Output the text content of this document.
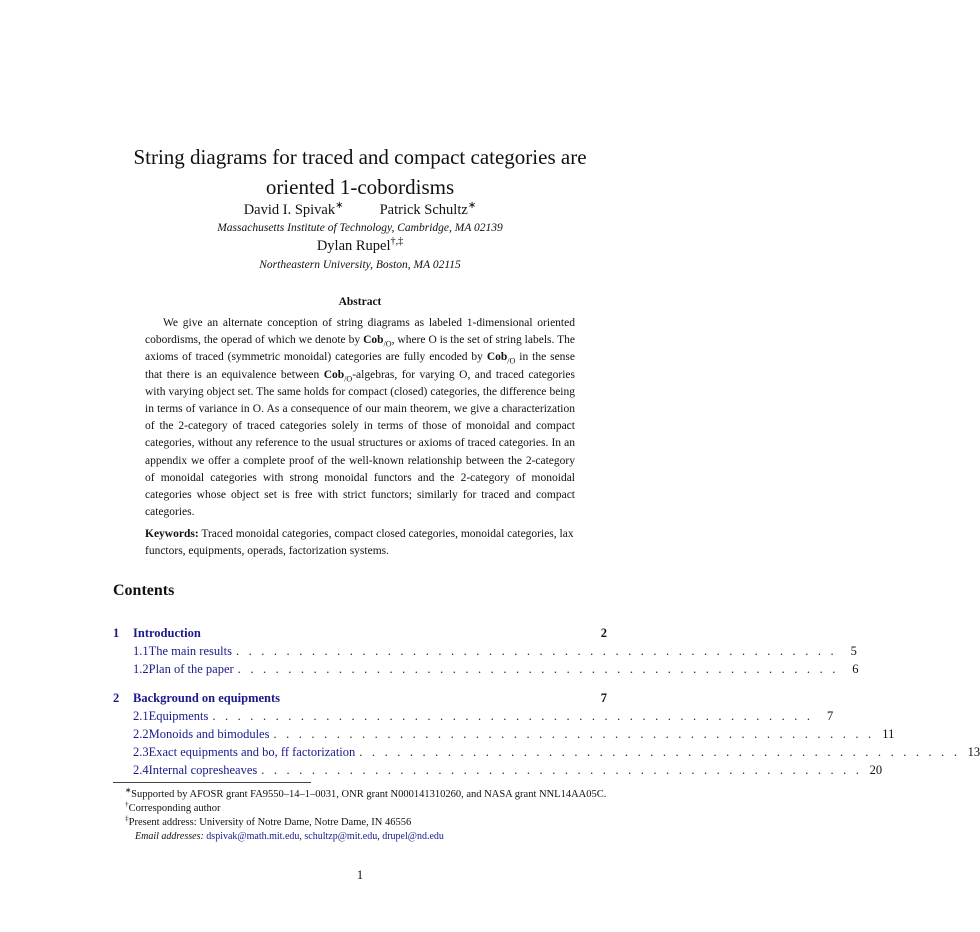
String diagrams for traced and compact categories are
oriented 1-cobordisms
David I. Spivak∗ Patrick Schultz∗
Massachusetts Institute of Technology, Cambridge, MA 02139
Dylan Rupel†,‡
Northeastern University, Boston, MA 02115
Abstract

We give an alternate conception of string diagrams as labeled 1-dimensional oriented cobordisms, the operad of which we denote by Cob$_{/O}$, where O is the set of string labels. The axioms of traced (symmetric monoidal) categories are fully encoded by Cob$_{/O}$ in the sense that there is an equivalence between Cob$_{/O}$-algebras, for varying O, and traced categories with varying object set. The same holds for compact (closed) categories, the difference being in terms of variance in O. As a consequence of our main theorem, we give a characterization of the 2-category of traced categories solely in terms of those of monoidal and compact categories, without any reference to the usual structures or axioms of traced categories. In an appendix we offer a complete proof of the well-known relationship between the 2-category of monoidal categories with strong monoidal functors and the 2-category of monoidal categories whose object set is free with strict functors; similarly for traced and compact categories.

Keywords: Traced monoidal categories, compact closed categories, monoidal categories, lax functors, equipments, operads, factorization systems.
Contents
1	Introduction	2
1.1 The main results . . . . . . . . . . . . . . . . . . . . . . . . . . . . . . . . . . . . . . . . . . . . . . . .	5
1.2 Plan of the paper . . . . . . . . . . . . . . . . . . . . . . . . . . . . . . . . . . . . . . . . . . . . . . . .	6
2	Background on equipments	7
2.1 Equipments . . . . . . . . . . . . . . . . . . . . . . . . . . . . . . . . . . . . . . . . . . . . . . . .	7
2.2 Monoids and bimodules . . . . . . . . . . . . . . . . . . . . . . . . . . . . . . . . . . . . . . . . . . . . . . . . 11
2.3 Exact equipments and bo, ff factorization . . . . . . . . . . . . . . . . . . . . . . . . . . . . . . . . . . . . . . . . . . . . . . . . 13
2.4 Internal copresheaves . . . . . . . . . . . . . . . . . . . . . . . . . . . . . . . . . . . . . . . . . . . . . . . . 20
∗Supported by AFOSR grant FA9550–14–1–0031, ONR grant N000141310260, and NASA grant NNL14AA05C.
†Corresponding author
‡Present address: University of Notre Dame, Notre Dame, IN 46556
Email addresses: dspivak@math.mit.edu, schultzp@mit.edu, drupel@nd.edu
1
